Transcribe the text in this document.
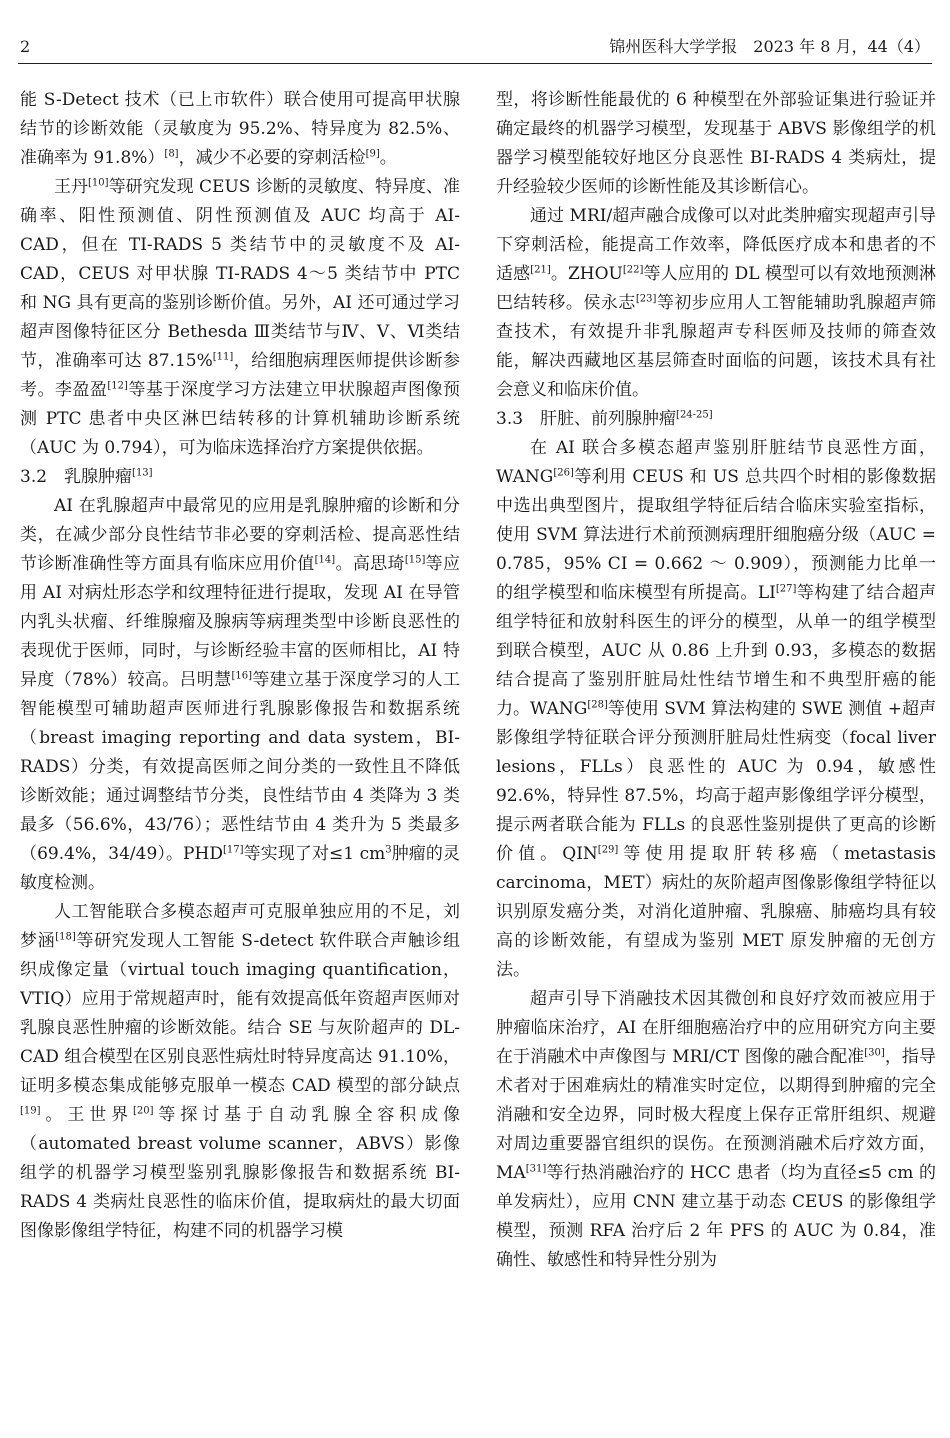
2	锦州医科大学学报　2023 年 8 月，44（4）

能 S-Detect 技术（已上市软件）联合使用可提高甲状腺结节的诊断效能（灵敏度为 95.2%、特异度为 82.5%、准确率为 91.8%）[8]，减少不必要的穿刺活检[9]。

王丹[10]等研究发现 CEUS 诊断的灵敏度、特异度、准确率、阳性预测值、阴性预测值及 AUC 均高于 AI-CAD，但在 TI-RADS 5 类结节中的灵敏度不及 AI-CAD，CEUS 对甲状腺 TI-RADS 4～5 类结节中 PTC 和 NG 具有更高的鉴别诊断价值。另外，AI 还可通过学习超声图像特征区分 Bethesda Ⅲ类结节与Ⅳ、Ⅴ、Ⅵ类结节，准确率可达 87.15%[11]，给细胞病理医师提供诊断参考。李盈盈[12]等基于深度学习方法建立甲状腺超声图像预测 PTC 患者中央区淋巴结转移的计算机辅助诊断系统（AUC 为 0.794），可为临床选择治疗方案提供依据。

3.2　乳腺肿瘤[13]

AI 在乳腺超声中最常见的应用是乳腺肿瘤的诊断和分类，在减少部分良性结节非必要的穿刺活检、提高恶性结节诊断准确性等方面具有临床应用价值[14]。高思琦[15]等应用 AI 对病灶形态学和纹理特征进行提取，发现 AI 在导管内乳头状瘤、纤维腺瘤及腺病等病理类型中诊断良恶性的表现优于医师，同时，与诊断经验丰富的医师相比，AI 特异度（78%）较高。吕明慧[16]等建立基于深度学习的人工智能模型可辅助超声医师进行乳腺影像报告和数据系统（breast imaging reporting and data system，BI-RADS）分类，有效提高医师之间分类的一致性且不降低诊断效能；通过调整结节分类，良性结节由 4 类降为 3 类最多（56.6%，43/76）；恶性结节由 4 类升为 5 类最多（69.4%，34/49）。PHD[17]等实现了对≤1 $cm^3$肿瘤的灵敏度检测。

人工智能联合多模态超声可克服单独应用的不足，刘梦涵[18]等研究发现人工智能 S-detect 软件联合声触诊组织成像定量（virtual touch imaging quantification，VTIQ）应用于常规超声时，能有效提高低年资超声医师对乳腺良恶性肿瘤的诊断效能。结合 SE 与灰阶超声的 DL-CAD 组合模型在区别良恶性病灶时特异度高达 91.10%，证明多模态集成能够克服单一模态 CAD 模型的部分缺点[19]。王世界[20]等探讨基于自动乳腺全容积成像（automated breast volume scanner，ABVS）影像组学的机器学习模型鉴别乳腺影像报告和数据系统 BI-RADS 4 类病灶良恶性的临床价值，提取病灶的最大切面图像影像组学特征，构建不同的机器学习模

型，将诊断性能最优的 6 种模型在外部验证集进行验证并确定最终的机器学习模型，发现基于 ABVS 影像组学的机器学习模型能较好地区分良恶性 BI-RADS 4 类病灶，提升经验较少医师的诊断性能及其诊断信心。

通过 MRI/超声融合成像可以对此类肿瘤实现超声引导下穿刺活检，能提高工作效率，降低医疗成本和患者的不适感[21]。ZHOU[22]等人应用的 DL 模型可以有效地预测淋巴结转移。侯永志[23]等初步应用人工智能辅助乳腺超声筛查技术，有效提升非乳腺超声专科医师及技师的筛查效能，解决西藏地区基层筛查时面临的问题，该技术具有社会意义和临床价值。

3.3　肝脏、前列腺肿瘤[24-25]

在 AI 联合多模态超声鉴别肝脏结节良恶性方面，WANG[26]等利用 CEUS 和 US 总共四个时相的影像数据中选出典型图片，提取组学特征后结合临床实验室指标，使用 SVM 算法进行术前预测病理肝细胞癌分级（AUC = 0.785，95% CI = 0.662 ～ 0.909），预测能力比单一的组学模型和临床模型有所提高。LI[27]等构建了结合超声组学特征和放射科医生的评分的模型，从单一的组学模型到联合模型，AUC 从 0.86 上升到 0.93，多模态的数据结合提高了鉴别肝脏局灶性结节增生和不典型肝癌的能力。WANG[28]等使用 SVM 算法构建的 SWE 测值 +超声影像组学特征联合评分预测肝脏局灶性病变（focal liver lesions，FLLs）良恶性的 AUC 为 0.94，敏感性 92.6%，特异性 87.5%，均高于超声影像组学评分模型，提示两者联合能为 FLLs 的良恶性鉴别提供了更高的诊断价值。QIN[29]等使用提取肝转移癌（metastasis carcinoma，MET）病灶的灰阶超声图像影像组学特征以识别原发癌分类，对消化道肿瘤、乳腺癌、肺癌均具有较高的诊断效能，有望成为鉴别 MET 原发肿瘤的无创方法。

超声引导下消融技术因其微创和良好疗效而被应用于肿瘤临床治疗，AI 在肝细胞癌治疗中的应用研究方向主要在于消融术中声像图与 MRI/CT 图像的融合配准[30]，指导术者对于困难病灶的精准实时定位，以期得到肿瘤的完全消融和安全边界，同时极大程度上保存正常肝组织、规避对周边重要器官组织的误伤。在预测消融术后疗效方面，MA[31]等行热消融治疗的 HCC 患者（均为直径≤5 cm 的单发病灶），应用 CNN 建立基于动态 CEUS 的影像组学模型，预测 RFA 治疗后 2 年 PFS 的 AUC 为 0.84，准确性、敏感性和特异性分别为
